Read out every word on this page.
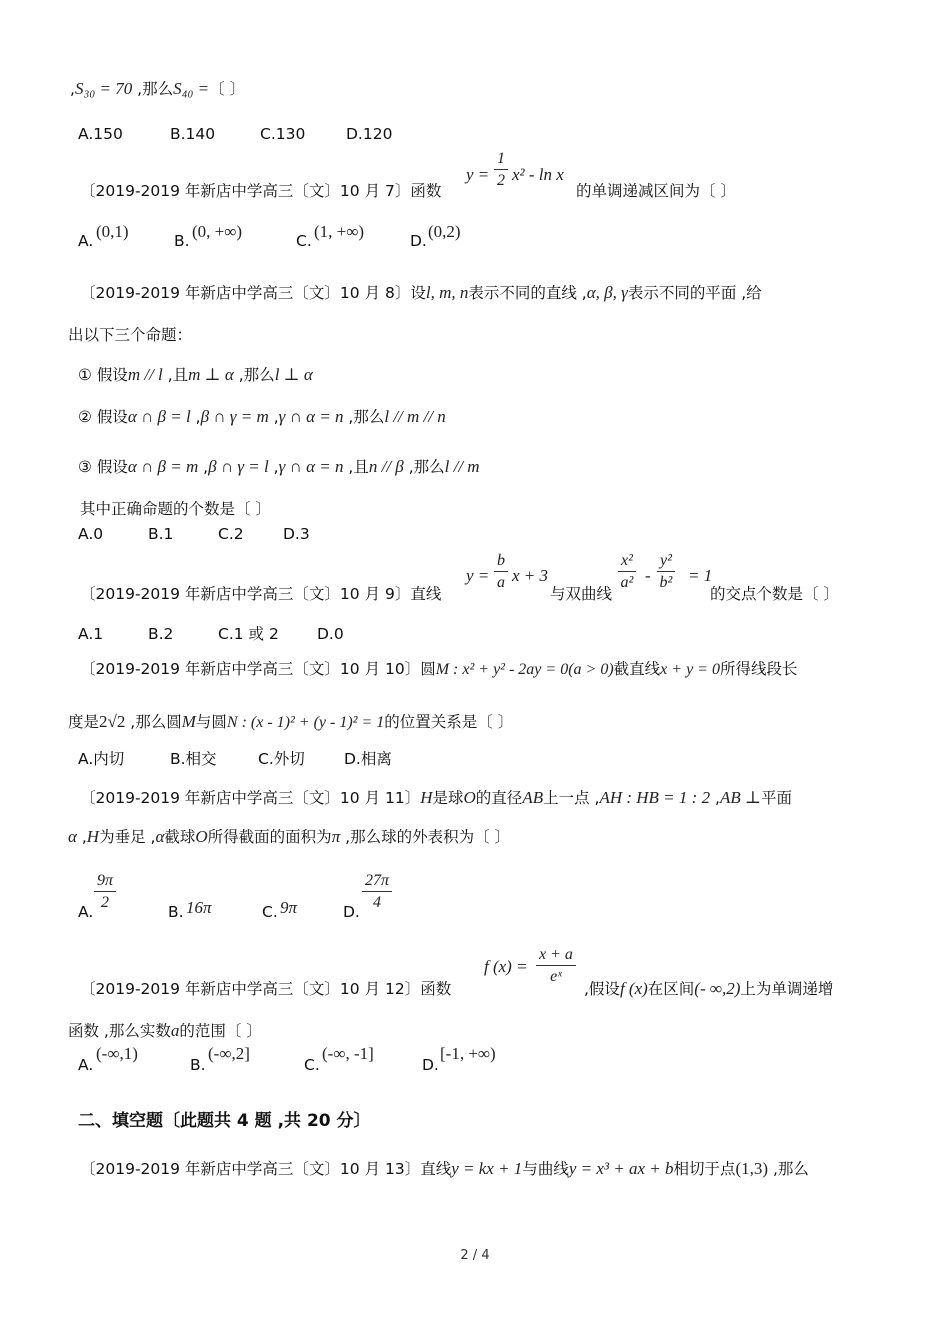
,S₃₀ = 70 ,那么S₄₀ =〔 〕
A.150	B.140	C.130	D.120
〔2019-2019 年新店中学高三〔文〕10 月 7〕函数
$y = \frac{1}{2} x^2 - \ln x$
的单调递减区间为〔 〕
A. (0,1)	B. (0, +∞)	C. (1, +∞)	D. (0,2)
〔2019-2019 年新店中学高三〔文〕10 月 8〕设l, m, n表示不同的直线 ,α, β, γ表示不同的平面 ,给
出以下三个命题：
① 假设m // l ,且m ⊥ α ,那么l ⊥ α
② 假设α ∩ β = l ,β ∩ γ = m ,γ ∩ α = n ,那么l // m // n
③ 假设α ∩ β = m ,β ∩ γ = l ,γ ∩ α = n ,且n // β ,那么l // m
其中正确命题的个数是〔 〕
A.0	B.1	C.2	D.3
〔2019-2019 年新店中学高三〔文〕10 月 9〕直线
$y = \frac{b}{a}$ x + 3
与双曲线
$\frac{\text{x²}}{\text{a²}} - \frac{\text{y²}}{\text{b²}} = 1$
的交点个数是〔 〕
A.1	B.2	C.1 或 2 D.0
〔2019-2019 年新店中学高三〔文〕10 月 10〕圆M : x² + y² - 2ay = 0(a > 0)截直线x + y = 0所得线段长
度是2√2 ,那么圆M与圆N : (x - 1)² + (y - 1)² = 1的位置关系是〔 〕
A.内切	B.相交	C.外切	D.相离
〔2019-2019 年新店中学高三〔文〕10 月 11〕H是球O的直径AB上一点 ,AH : HB = 1 : 2 ,AB ⊥平面
α ,H为垂足 ,α截球O所得截面的面积为π ,那么球的外表积为〔 〕
A. $\frac{9\pi}{2}$	B. 16π	C. 9π	D. $\frac{27\pi}{4}$
〔2019-2019 年新店中学高三〔文〕10 月 12〕函数
f $(x) = \frac{x + a}{\text{eˣ}}$
,假设f (x)在区间(- ∞,2)上为单调递增
函数 ,那么实数a的范围〔 〕
A.
(-∞,1)
B.
(-∞,2]
C.
(-∞, -1]
D.
[-1, +∞)
二、填空题〔此题共 4 题 ,共 20 分〕
〔2019-2019 年新店中学高三〔文〕10 月 13〕直线y = kx + 1与曲线y = x³ + ax + b相切于点(1,3) ,那么
2 / 4
